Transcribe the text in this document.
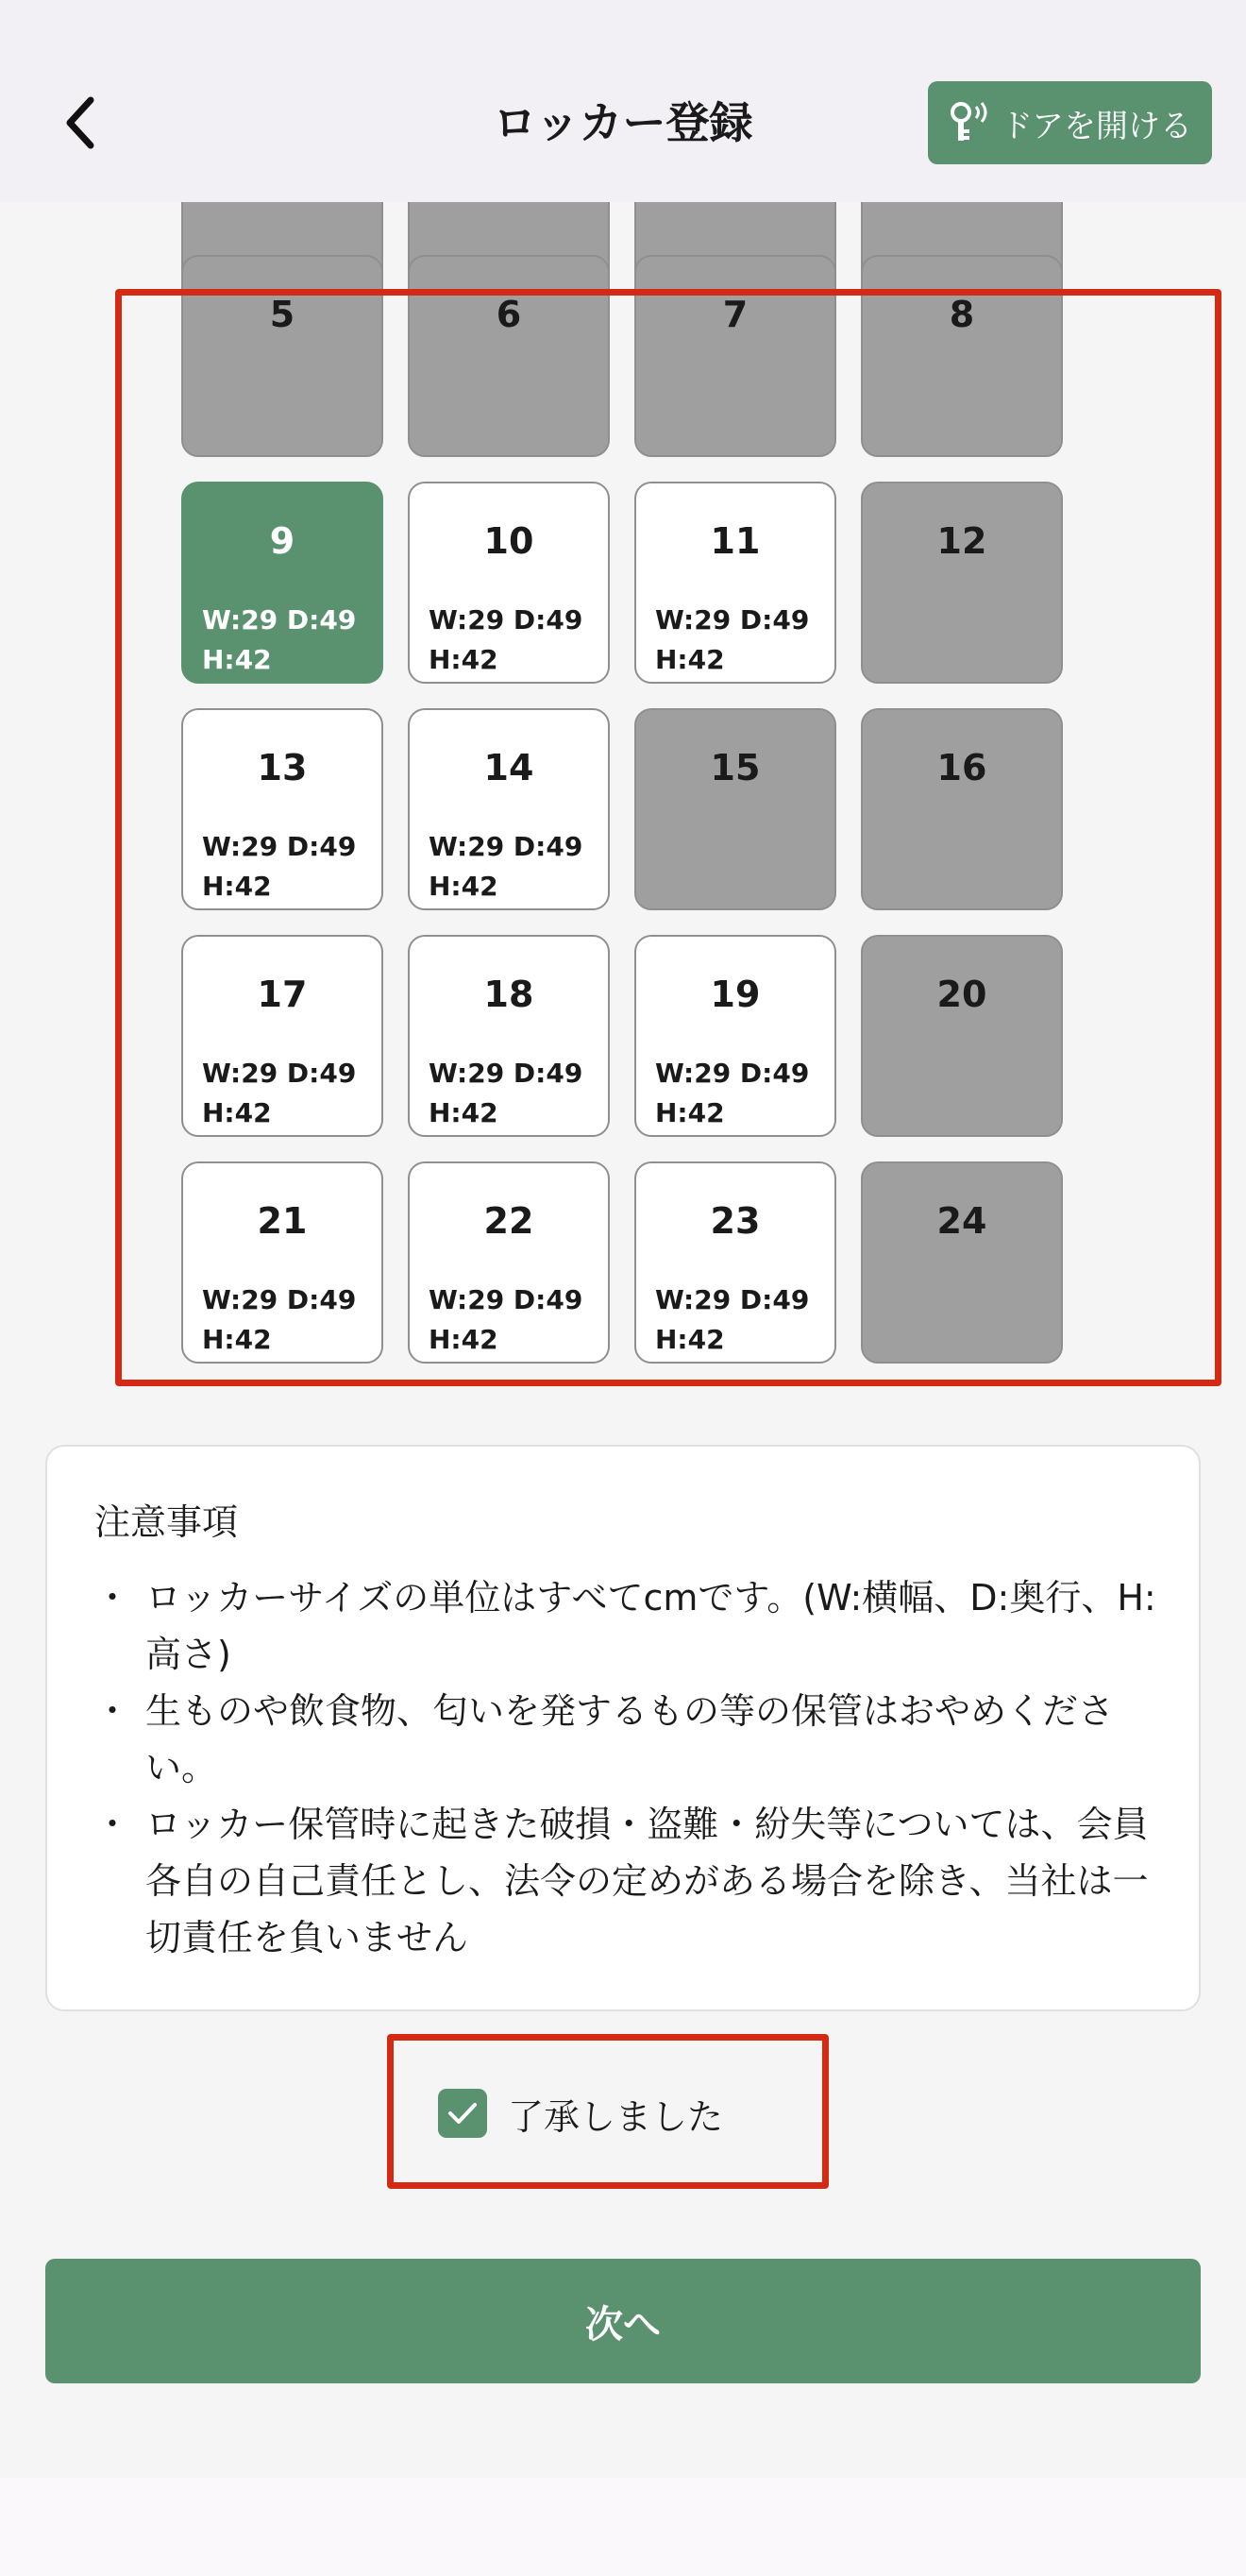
ロッカー登録	ドアを開ける
5	6	7	8
9
W:29 D:49
H:42
10
W:29 D:49
H:42
11
W:29 D:49
H:42
12
13
W:29 D:49
H:42
14
W:29 D:49
H:42
15	16
17
W:29 D:49
H:42
18
W:29 D:49
H:42
19
W:29 D:49
H:42
20
21
W:29 D:49
H:42
22
W:29 D:49
H:42
23
W:29 D:49
H:42
24
注意事項
・ ロッカーサイズの単位はすべてcmです。(W:横幅、D:奥行、H:高さ)
・ 生ものや飲食物、匂いを発するもの等の保管はおやめください。
・ ロッカー保管時に起きた破損・盗難・紛失等については、会員各自の自己責任とし、法令の定めがある場合を除き、当社は一切責任を負いません
了承しました
次へ
